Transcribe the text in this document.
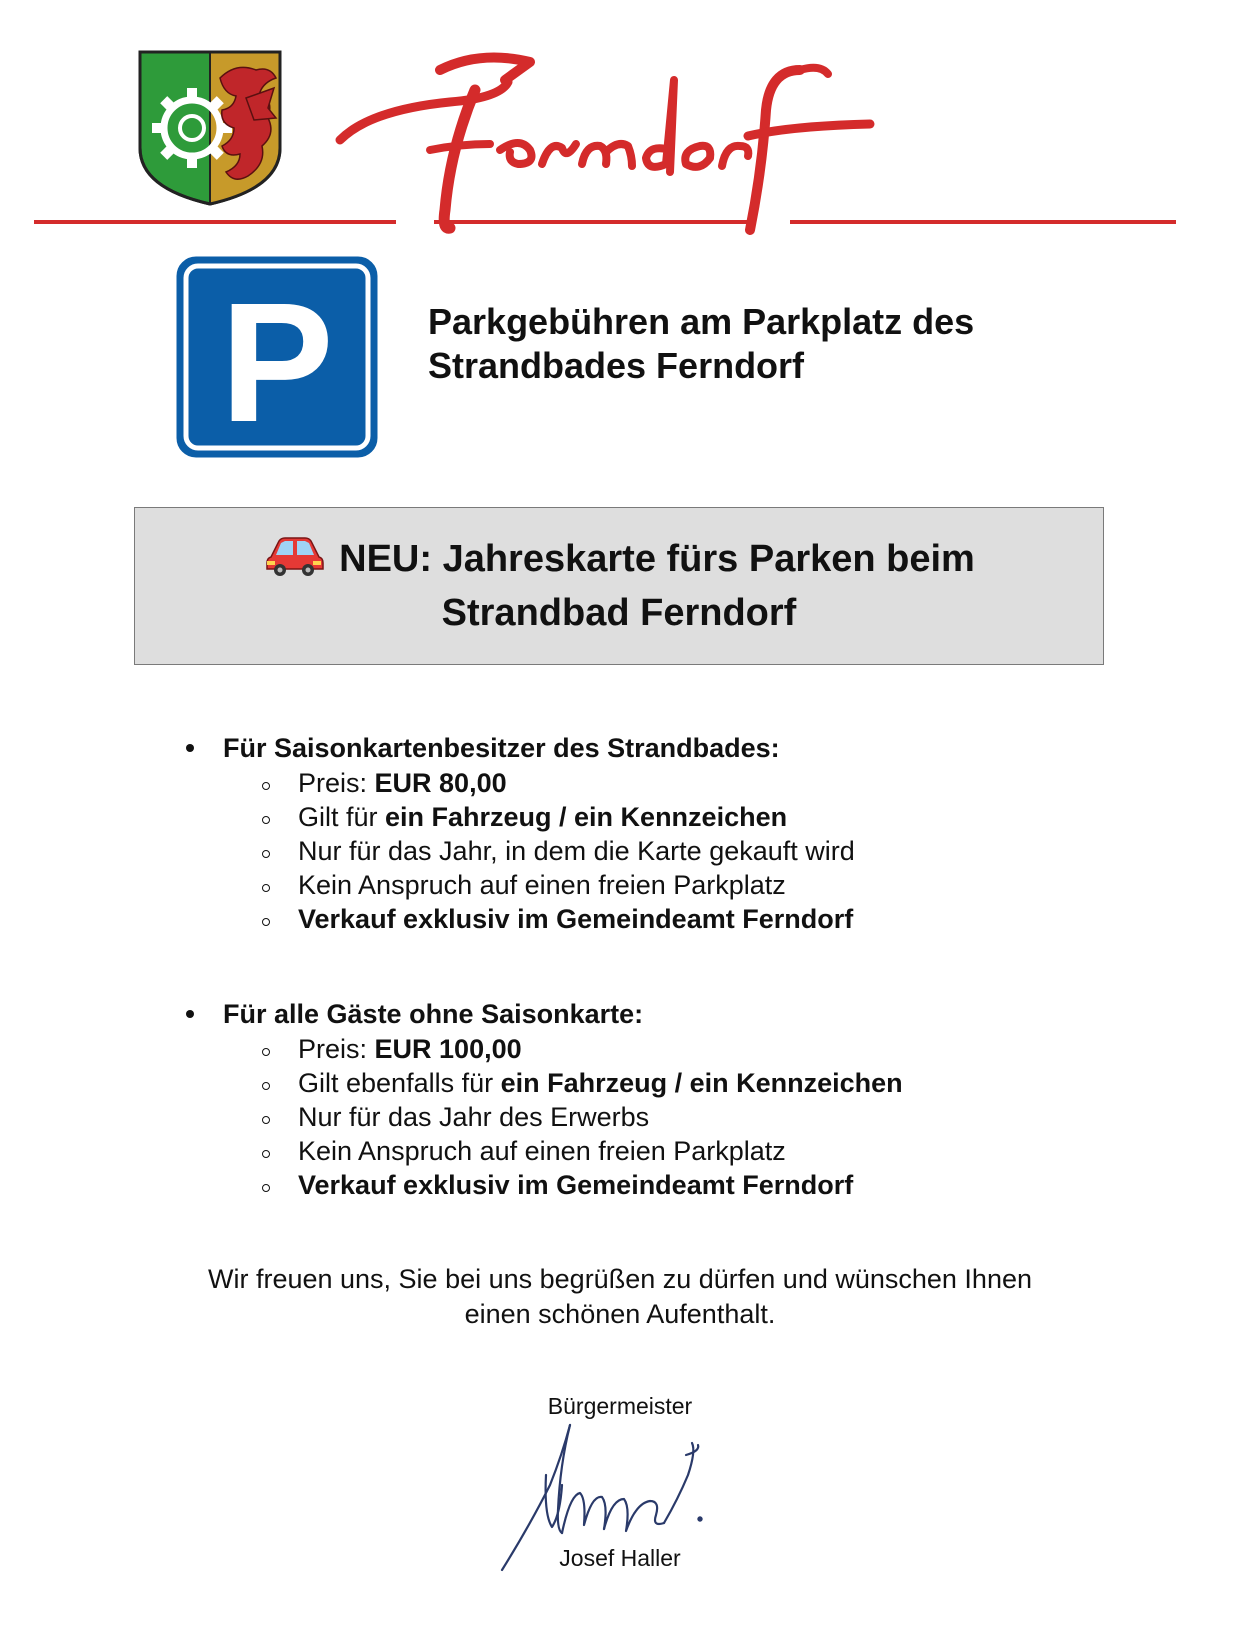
P	Parkgebühren am Parkplatz des
Strandbades Ferndorf
NEU: Jahreskarte fürs Parken beim
Strandbad Ferndorf
Für Saisonkartenbesitzer des Strandbades:
Preis: EUR 80,00
Gilt für ein Fahrzeug / ein Kennzeichen
Nur für das Jahr, in dem die Karte gekauft wird
Kein Anspruch auf einen freien Parkplatz
Verkauf exklusiv im Gemeindeamt Ferndorf
Für alle Gäste ohne Saisonkarte:
Preis: EUR 100,00
Gilt ebenfalls für ein Fahrzeug / ein Kennzeichen
Nur für das Jahr des Erwerbs
Kein Anspruch auf einen freien Parkplatz
Verkauf exklusiv im Gemeindeamt Ferndorf
Wir freuen uns, Sie bei uns begrüßen zu dürfen und wünschen Ihnen
einen schönen Aufenthalt.
Bürgermeister
Josef Haller
